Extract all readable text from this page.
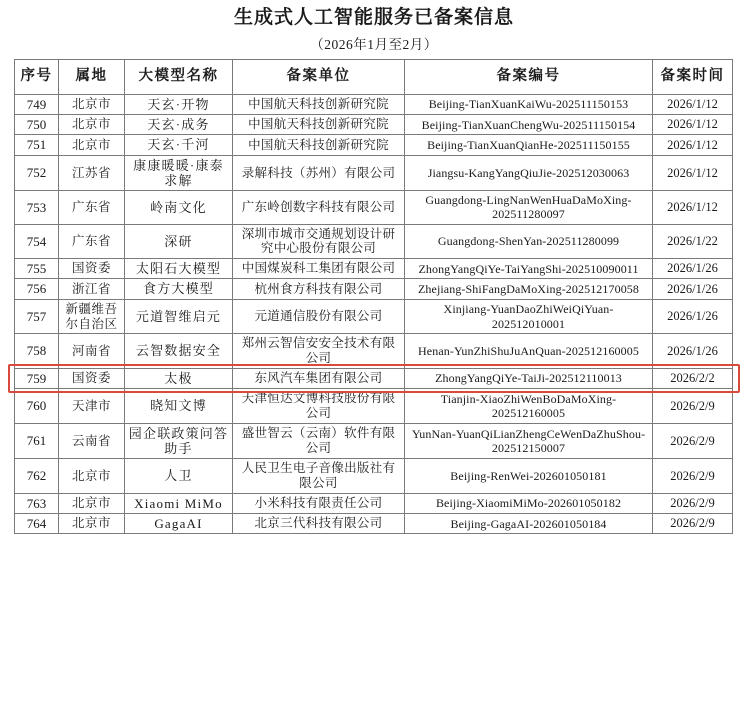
生成式人工智能服务已备案信息
（2026年1月至2月）
序号	属地	大模型名称	备案单位	备案编号	备案时间
749	北京市	天玄·开物	中国航天科技创新研究院	Beijing-TianXuanKaiWu-202511150153	2026/1/12
750	北京市	天玄·成务	中国航天科技创新研究院	Beijing-TianXuanChengWu-202511150154	2026/1/12
751	北京市	天玄·千河	中国航天科技创新研究院	Beijing-TianXuanQianHe-202511150155	2026/1/12
752	江苏省	康康暖暖·康泰求解	录解科技（苏州）有限公司	Jiangsu-KangYangQiuJie-202512030063	2026/1/12
753	广东省	岭南文化	广东岭创数字科技有限公司	Guangdong-LingNanWenHuaDaMoXing-202511280097	2026/1/12
754	广东省	深研	深圳市城市交通规划设计研究中心股份有限公司	Guangdong-ShenYan-202511280099	2026/1/22
755	国资委	太阳石大模型	中国煤炭科工集团有限公司	ZhongYangQiYe-TaiYangShi-202510090011	2026/1/26
756	浙江省	食方大模型	杭州食方科技有限公司	Zhejiang-ShiFangDaMoXing-202512170058	2026/1/26
757	新疆维吾尔自治区	元道智维启元	元道通信股份有限公司	Xinjiang-YuanDaoZhiWeiQiYuan-202512010001	2026/1/26
758	河南省	云智数据安全	郑州云智信安安全技术有限公司	Henan-YunZhiShuJuAnQuan-202512160005	2026/1/26
759	国资委	太极	东风汽车集团有限公司	ZhongYangQiYe-TaiJi-202512110013	2026/2/2
760	天津市	晓知文博	天津恒达文博科技股份有限公司	Tianjin-XiaoZhiWenBoDaMoXing-202512160005	2026/2/9
761	云南省	园企联政策问答助手	盛世智云（云南）软件有限公司	YunNan-YuanQiLianZhengCeWenDaZhuShou-202512150007	2026/2/9
762	北京市	人卫	人民卫生电子音像出版社有限公司	Beijing-RenWei-202601050181	2026/2/9
763	北京市	Xiaomi MiMo	小米科技有限责任公司	Beijing-XiaomiMiMo-202601050182	2026/2/9
764	北京市	GagaAI	北京三代科技有限公司	Beijing-GagaAI-202601050184	2026/2/9
